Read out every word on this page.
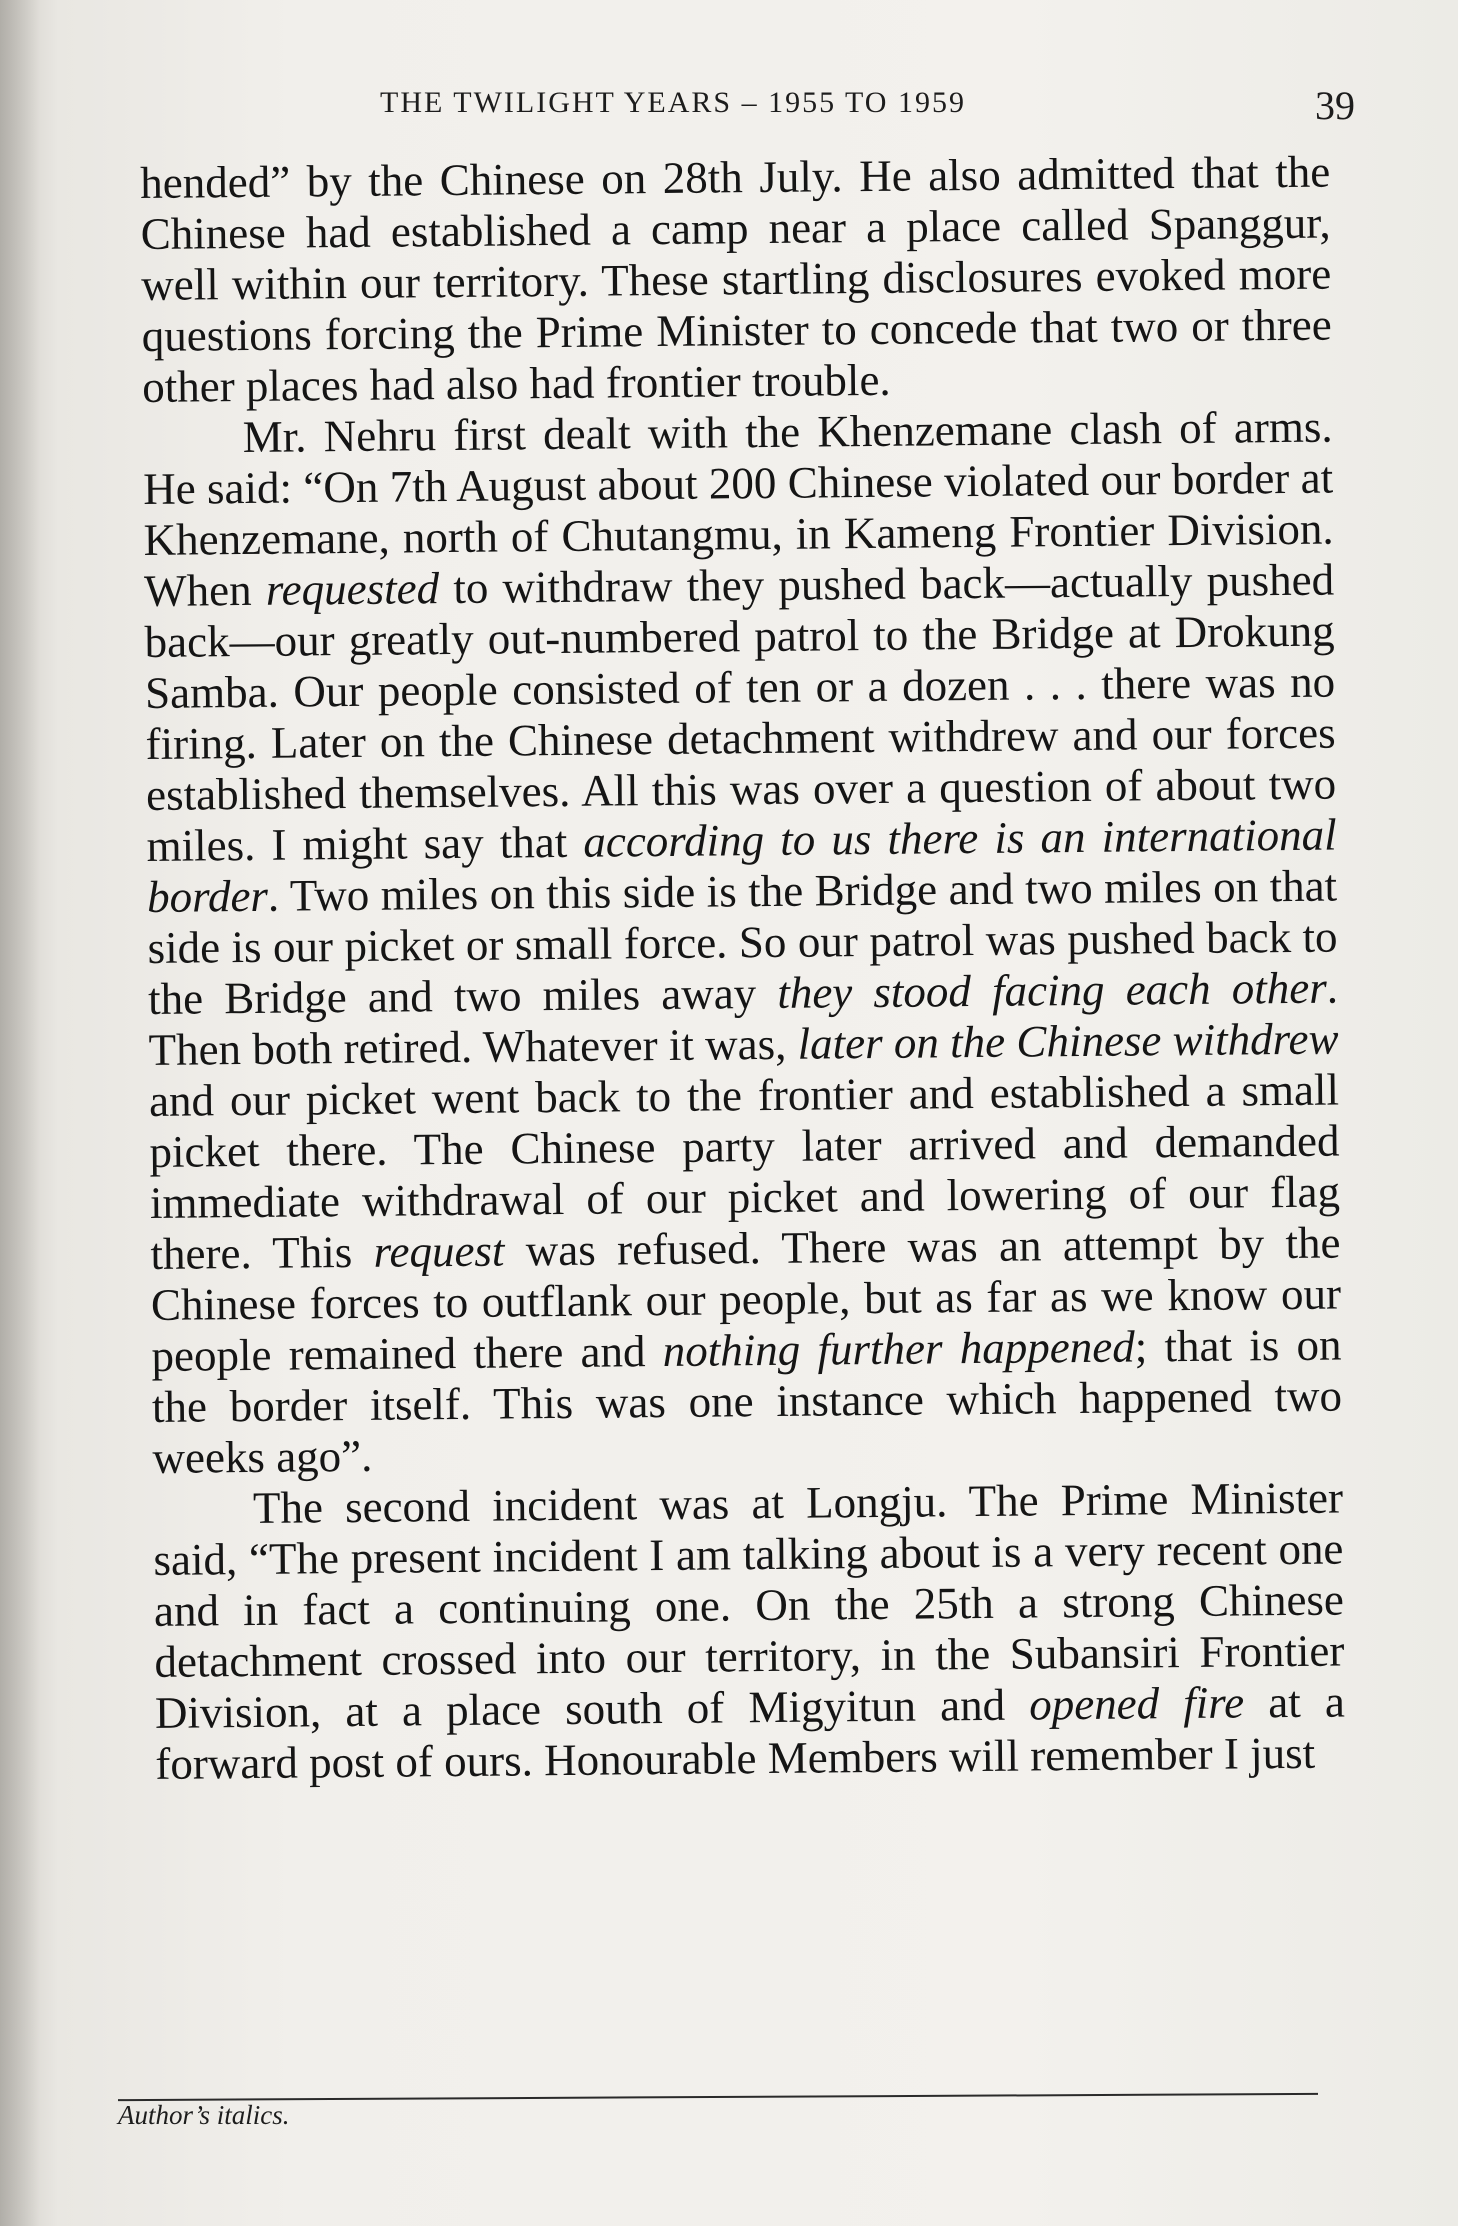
THE TWILIGHT YEARS – 1955 TO 1959	39

hended” by the Chinese on 28th July. He also admitted that the Chinese had established a camp near a place called Spanggur, well within our territory. These startling disclosures evoked more questions forcing the Prime Minister to concede that two or three other places had also had frontier trouble.

Mr. Nehru first dealt with the Khenzemane clash of arms. He said: “On 7th August about 200 Chinese violated our border at Khenzemane, north of Chutangmu, in Kameng Frontier Division. When requested to withdraw they pushed back—actually pushed back—our greatly out-numbered patrol to the Bridge at Drokung Samba. Our people consisted of ten or a dozen . . . there was no firing. Later on the Chinese detachment withdrew and our forces established themselves. All this was over a question of about two miles. I might say that according to us there is an international border. Two miles on this side is the Bridge and two miles on that side is our picket or small force. So our patrol was pushed back to the Bridge and two miles away they stood facing each other. Then both retired. Whatever it was, later on the Chinese withdrew and our picket went back to the frontier and established a small picket there. The Chinese party later arrived and demanded immediate withdrawal of our picket and lowering of our flag there. This request was refused. There was an attempt by the Chinese forces to outflank our people, but as far as we know our people remained there and nothing further happened; that is on the border itself. This was one instance which happened two weeks ago”.

The second incident was at Longju. The Prime Minister said, “The present incident I am talking about is a very recent one and in fact a continuing one. On the 25th a strong Chinese detachment crossed into our territory, in the Subansiri Frontier Division, at a place south of Migyitun and opened fire at a forward post of ours. Honourable Members will remember I just

Author’s italics.
